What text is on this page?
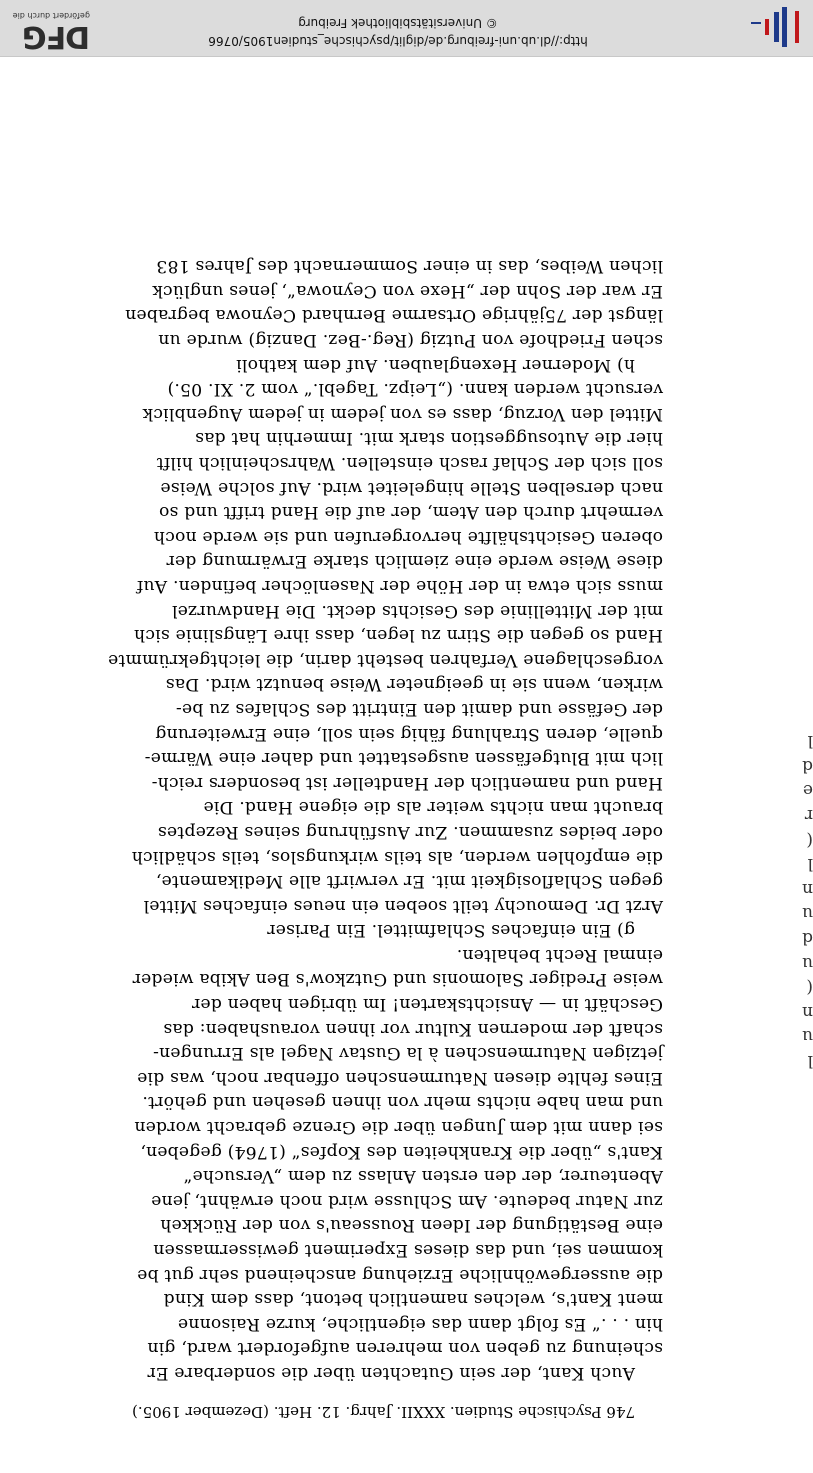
746 Psychische Studien. XXXII. Jahrg. 12. Heft. (Dezember 1905.)

Auch Kant, der sein Gutachten über die sonderbare Er

scheinung zu geben von mehreren aufgefordert ward, gin

hin . . .“ Es folgt dann das eigentliche, kurze Raisonne

ment Kant's, welches namentlich betont, dass dem Kind

die aussergewöhnliche Erziehung anscheinend sehr gut be

kommen sei, und das dieses Experiment gewissermassen

eine Bestätigung der Ideen Rousseau's von der Rückkeh

zur Natur bedeute. Am Schlusse wird noch erwähnt, jene

Abenteurer, der den ersten Anlass zu dem „Versuche“

Kant's „über die Krankheiten des Kopfes“ (1764) gegeben,

sei dann mit dem Jungen über die Grenze gebracht worden

und man habe nichts mehr von ihnen gesehen und gehört.

Eines fehlte diesen Naturmenschen offenbar noch, was die

jetzigen Naturmenschen à la Gustav Nagel als Errungen-

schaft der modernen Kultur vor ihnen voraushaben: das

Geschäft in — Ansichtskarten! Im übrigen haben der

weise Prediger Salomonis und Gutzkow's Ben Akiba wieder

einmal Recht behalten.

g) Ein einfaches Schlafmittel. Ein Pariser

Arzt Dr. Demouchy teilt soeben ein neues einfaches Mittel

gegen Schlaflosigkeit mit. Er verwirft alle Medikamente,

die empfohlen werden, als teils wirkungslos, teils schädlich

oder beides zusammen. Zur Ausführung seines Rezeptes

braucht man nichts weiter als die eigene Hand. Die

Hand und namentlich der Handteller ist besonders reich-

lich mit Blutgefässen ausgestattet und daher eine Wärme-

quelle, deren Strahlung fähig sein soll, eine Erweiterung

der Gefässe und damit den Eintritt des Schlafes zu be-

wirken, wenn sie in geeigneter Weise benutzt wird. Das

vorgeschlagene Verfahren besteht darin, die leichtgekrümmte

Hand so gegen die Stirn zu legen, dass ihre Längslinie sich

mit der Mittellinie des Gesichts deckt. Die Handwurzel

muss sich etwa in der Höhe der Nasenlöcher befinden. Auf

diese Weise werde eine ziemlich starke Erwärmung der

oberen Gesichtshälfte hervorgerufen und sie werde noch

vermehrt durch den Atem, der auf die Hand trifft und so

nach derselben Stelle hingeleitet wird. Auf solche Weise

soll sich der Schlaf rasch einstellen. Wahrscheinlich hilft

hier die Autosuggestion stark mit. Immerhin hat das

Mittel den Vorzug, dass es von jedem in jedem Augenblick

versucht werden kann. („Leipz. Tagebl.“ vom 2. XI. 05.)

h) Moderner Hexenglauben. Auf dem katholi

schen Friedhofe von Putzig (Reg.-Bez. Danzig) wurde un

längst der 75jährige Ortsarme Bernhard Ceynowa begraben

Er war der Sohn der „Hexe von Ceynowa“, jenes unglück

lichen Weibes, das in einer Sommernacht des Jahres 183

l
u
n
(
u
d
u
n
l
(
r
e
d
l
http://dl.ub.uni-freiburg.de/diglit/psychische_studien1905/0766
© Universitätsbibliothek Freiburg
DFG
gefördert durch die
